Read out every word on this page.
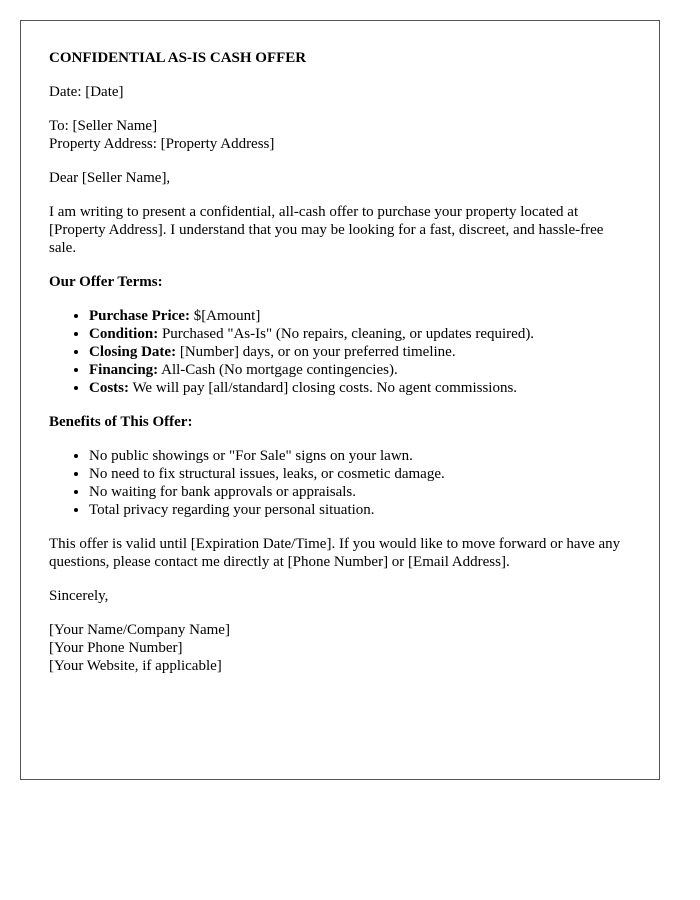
CONFIDENTIAL AS-IS CASH OFFER

Date: [Date]

To: [Seller Name]
Property Address: [Property Address]

Dear [Seller Name],

I am writing to present a confidential, all-cash offer to purchase your property located at [Property Address]. I understand that you may be looking for a fast, discreet, and hassle-free sale.

Our Offer Terms:
• Purchase Price: $[Amount]
• Condition: Purchased "As-Is" (No repairs, cleaning, or updates required).
• Closing Date: [Number] days, or on your preferred timeline.
• Financing: All-Cash (No mortgage contingencies).
• Costs: We will pay [all/standard] closing costs. No agent commissions.
Benefits of This Offer:
• No public showings or "For Sale" signs on your lawn.
• No need to fix structural issues, leaks, or cosmetic damage.
• No waiting for bank approvals or appraisals.
• Total privacy regarding your personal situation.

This offer is valid until [Expiration Date/Time]. If you would like to move forward or have any questions, please contact me directly at [Phone Number] or [Email Address].

Sincerely,

[Your Name/Company Name]
[Your Phone Number]
[Your Website, if applicable]
